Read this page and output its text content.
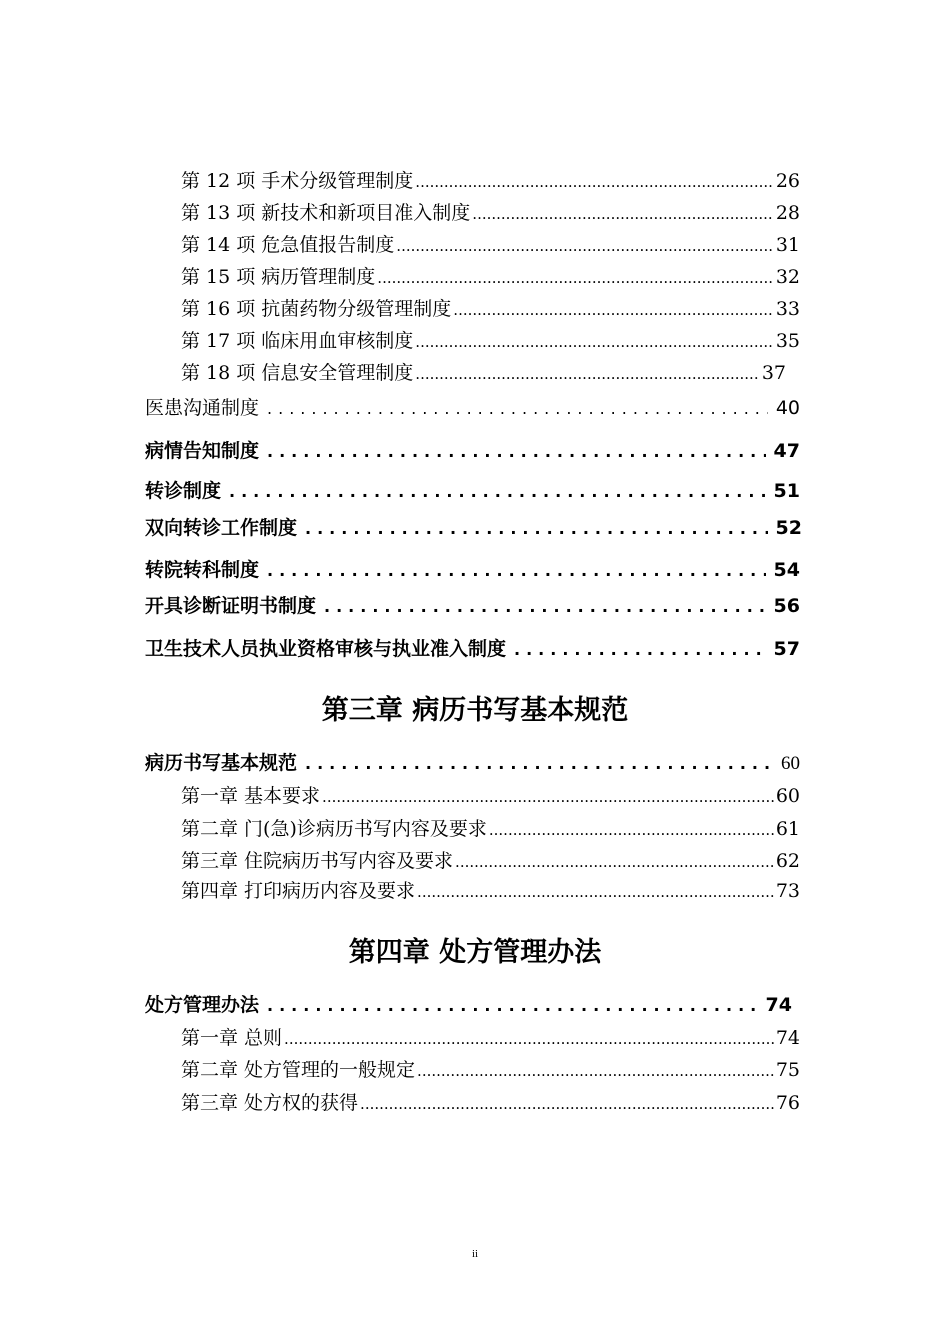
第 12 项 手术分级管理制度 .....	26
第 13 项 新技术和新项目准入制度 .....	28
第 14 项 危急值报告制度 .....	31
第 15 项 病历管理制度 .....	32
第 16 项 抗菌药物分级管理制度 .....	33
第 17 项 临床用血审核制度 .....	35
第 18 项 信息安全管理制度 .....	37
医患沟通制度 .....	40
病情告知制度 .....	47
转诊制度 .....	51
双向转诊工作制度 .....	52
转院转科制度 .....	54
开具诊断证明书制度 .....	56
卫生技术人员执业资格审核与执业准入制度 .....	57
第三章 病历书写基本规范
病历书写基本规范 .....	60
第一章 基本要求 .....	60
第二章 门(急)诊病历书写内容及要求 .....	61
第三章 住院病历书写内容及要求 .....	62
第四章 打印病历内容及要求 .....	73
第四章 处方管理办法
处方管理办法 .....	74
第一章 总则 .....	74
第二章 处方管理的一般规定 .....	75
第三章 处方权的获得 .....	76
ii
